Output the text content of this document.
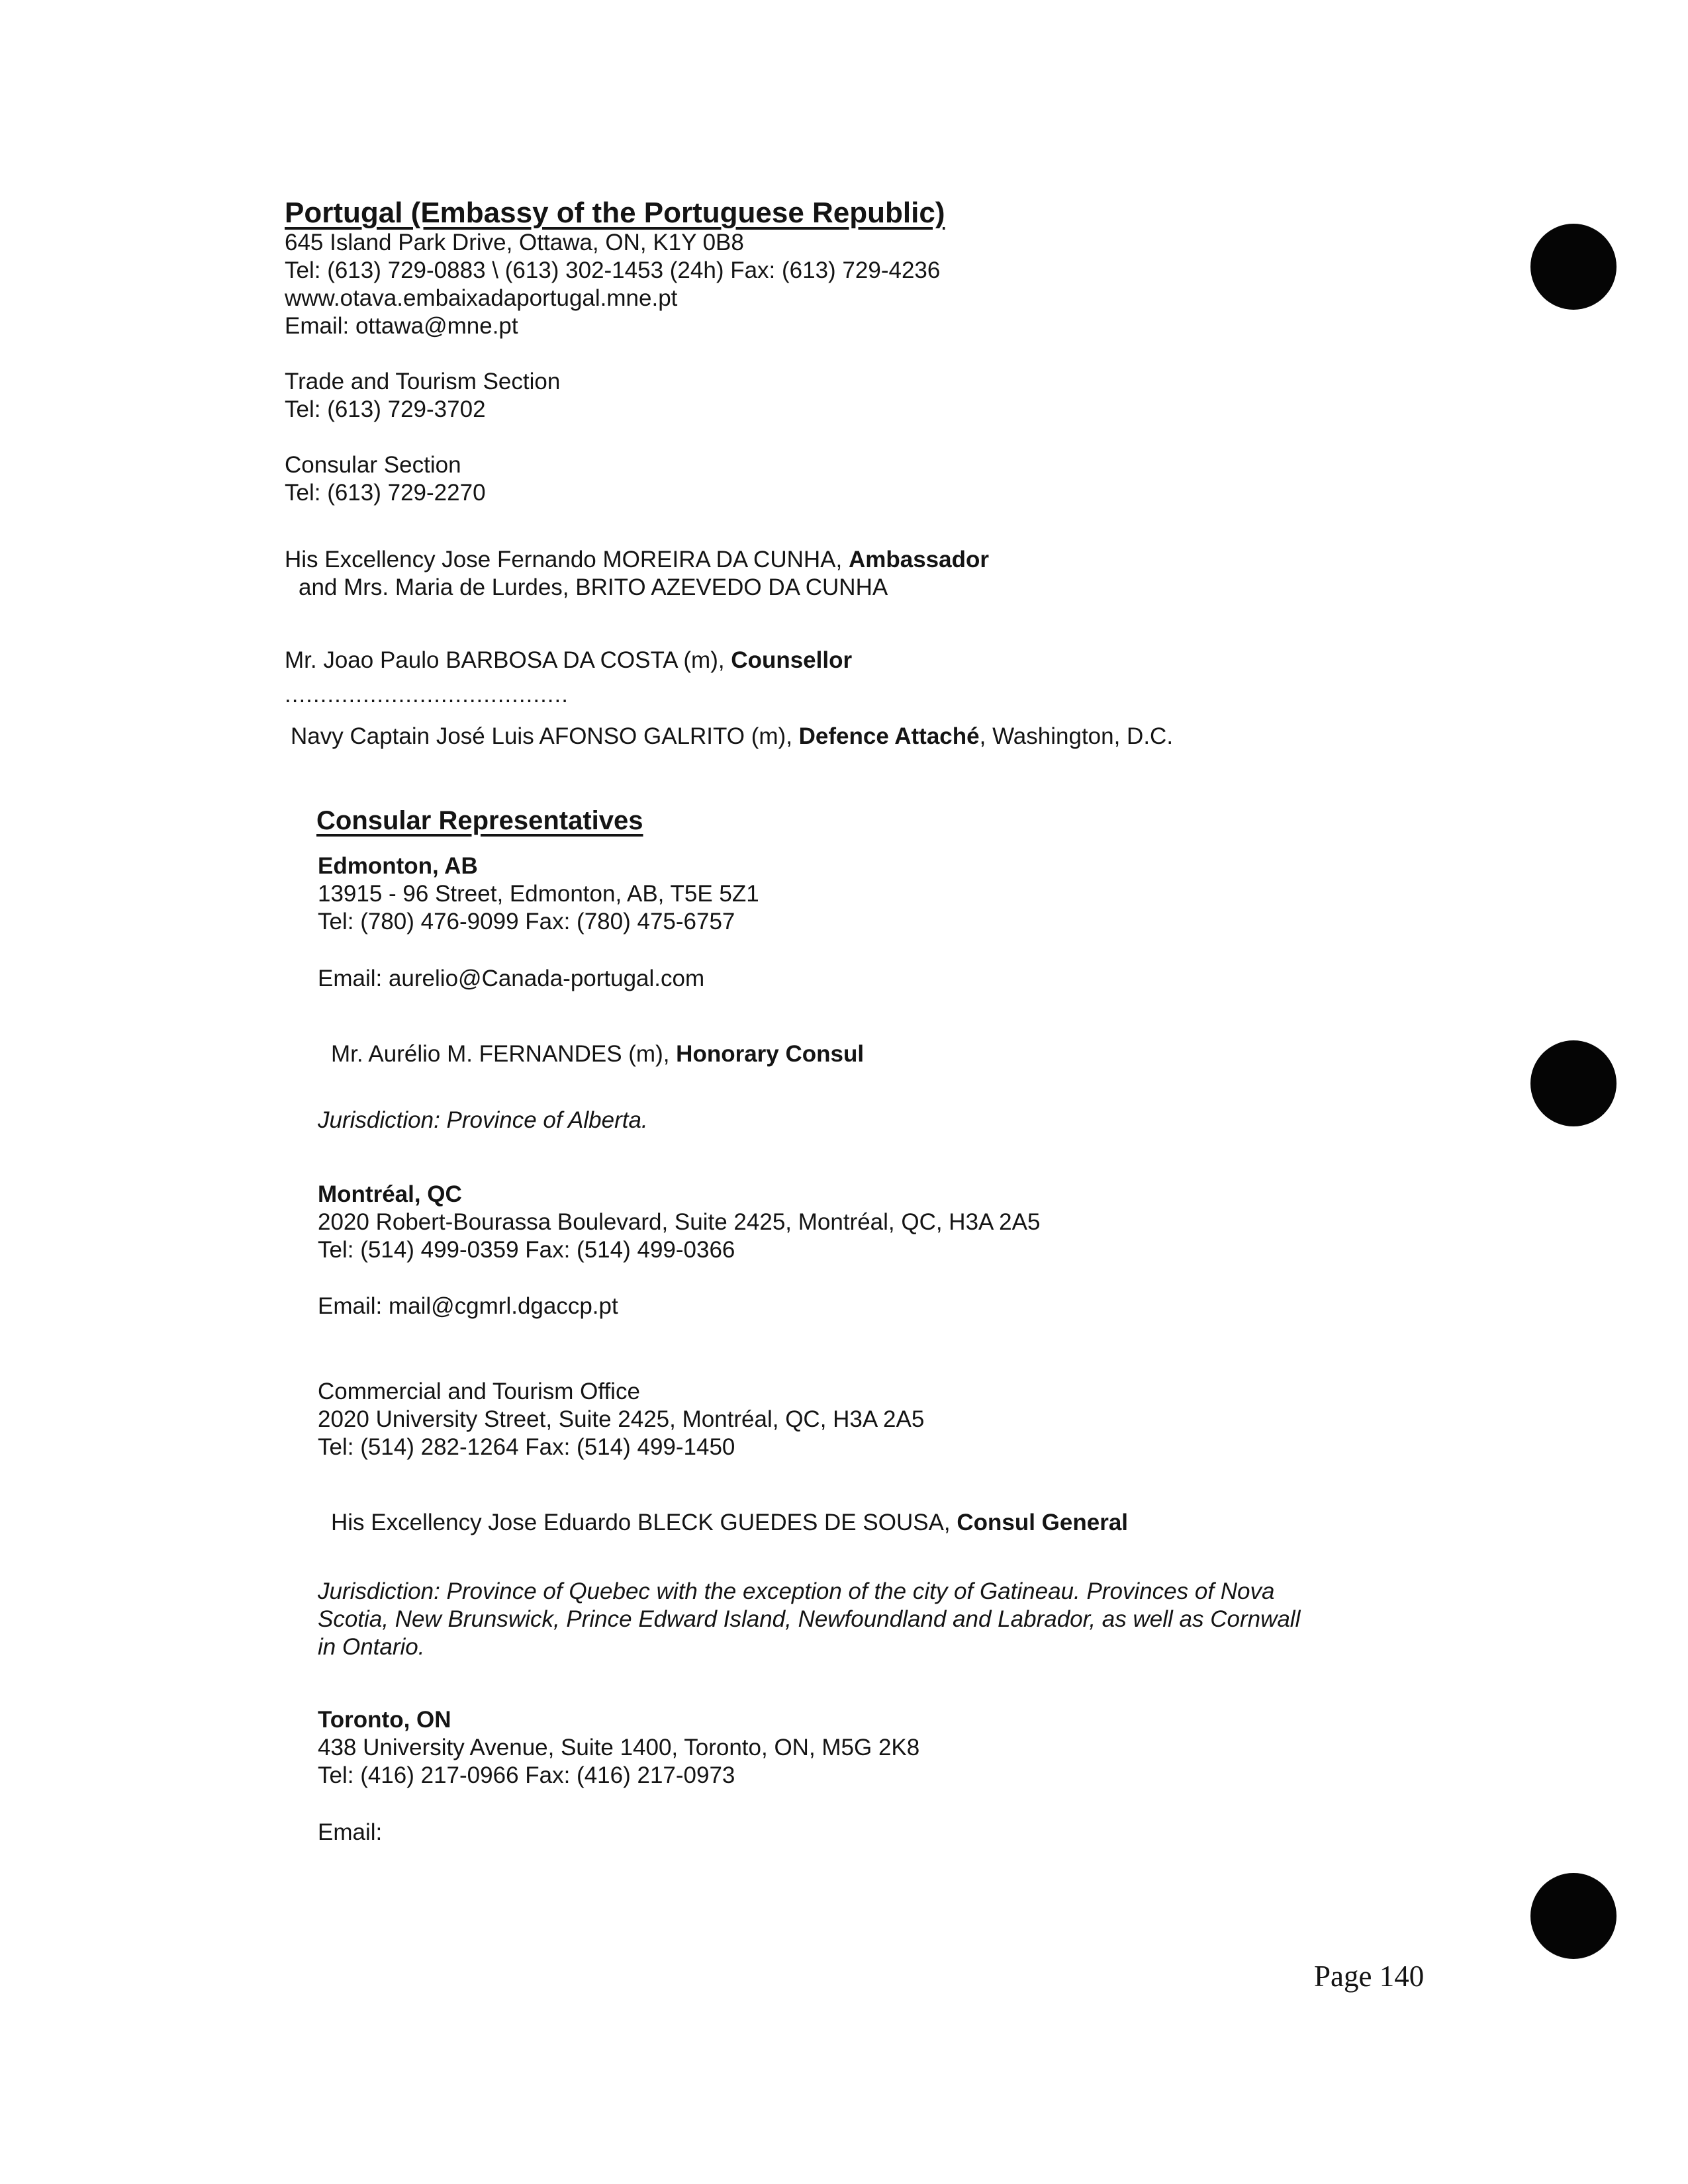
Portugal (Embassy of the Portuguese Republic)
645 Island Park Drive, Ottawa, ON, K1Y 0B8
Tel: (613) 729-0883 \ (613) 302-1453 (24h) Fax: (613) 729-4236
www.otava.embaixadaportugal.mne.pt
Email: ottawa@mne.pt
Trade and Tourism Section
Tel: (613) 729-3702
Consular Section
Tel: (613) 729-2270
His Excellency Jose Fernando MOREIRA DA CUNHA, Ambassador
and Mrs. Maria de Lurdes, BRITO AZEVEDO DA CUNHA
Mr. Joao Paulo BARBOSA DA COSTA (m), Counsellor
........................................
Navy Captain José Luis AFONSO GALRITO (m), Defence Attaché, Washington, D.C.
Consular Representatives
Edmonton, AB
13915 - 96 Street, Edmonton, AB, T5E 5Z1
Tel: (780) 476-9099 Fax: (780) 475-6757
Email: aurelio@Canada-portugal.com
Mr. Aurélio M. FERNANDES (m), Honorary Consul
Jurisdiction: Province of Alberta.
Montréal, QC
2020 Robert-Bourassa Boulevard, Suite 2425, Montréal, QC, H3A 2A5
Tel: (514) 499-0359 Fax: (514) 499-0366
Email: mail@cgmrl.dgaccp.pt
Commercial and Tourism Office
2020 University Street, Suite 2425, Montréal, QC, H3A 2A5
Tel: (514) 282-1264 Fax: (514) 499-1450
His Excellency Jose Eduardo BLECK GUEDES DE SOUSA, Consul General
Jurisdiction: Province of Quebec with the exception of the city of Gatineau. Provinces of Nova
Scotia, New Brunswick, Prince Edward Island, Newfoundland and Labrador, as well as Cornwall
in Ontario.
Toronto, ON
438 University Avenue, Suite 1400, Toronto, ON, M5G 2K8
Tel: (416) 217-0966 Fax: (416) 217-0973
Email:
Page 140
